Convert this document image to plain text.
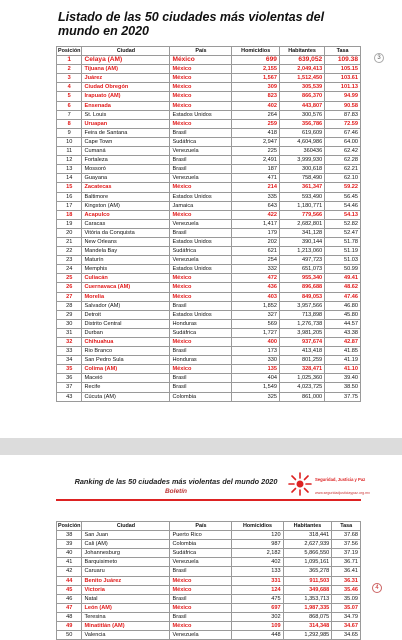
Listado de las 50 ciudades más violentas del mundo en 2020
3
Posición	Ciudad	País	Homicidios	Habitantes	Tasa
1	Celaya (AM)	México	699	639,052	109.38
2	Tijuana (AM)	México	2,155	2,049,413	105.15
3	Juárez	México	1,567	1,512,450	103.61
4	Ciudad Obregón	México	309	305,539	101.13
5	Irapuato (AM)	México	823	866,370	94.99
6	Ensenada	México	402	443,807	90.58
7	St. Louis	Estados Unidos	264	300,576	87.83
8	Uruapan	México	259	356,786	72.59
9	Feira de Santana	Brasil	418	619,609	67.46
10	Cape Town	Sudáfrica	2,947	4,604,986	64.00
11	Cumaná	Venezuela	225	360436	62.42
12	Fortaleza	Brasil	2,491	3,999,930	62.28
13	Mossoró	Brasil	187	300,618	62.21
14	Guayana	Venezuela	471	758,490	62.10
15	Zacatecas	México	214	361,347	59.22
16	Baltimore	Estados Unidos	335	593,490	56.45
17	Kingston (AM)	Jamaica	643	1,180,771	54.46
18	Acapulco	México	422	779,566	54.13
19	Caracas	Venezuela	1,417	2,682,801	52.82
20	Vitória da Conquista	Brasil	179	341,128	52.47
21	New Orleans	Estados Unidos	202	390,144	51.78
22	Mandela Bay	Sudáfrica	621	1,213,060	51.19
23	Maturín	Venezuela	254	497,723	51.03
24	Memphis	Estados Unidos	332	651,073	50.99
25	Culiacán	México	472	955,340	49.41
26	Cuernavaca (AM)	México	436	896,688	48.62
27	Morelia	México	403	849,053	47.46
28	Salvador (AM)	Brasil	1,852	3,957,566	46.80
29	Detroit	Estados Unidos	327	713,898	45.80
30	Distrito Central	Honduras	569	1,276,738	44.57
31	Durban	Sudáfrica	1,727	3,981,205	43.38
32	Chihuahua	México	400	937,674	42.87
33	Rio Branco	Brasil	173	413,418	41.85
34	San Pedro Sula	Honduras	330	801,259	41.19
35	Colima (AM)	México	135	328,471	41.10
36	Maceió	Brasil	404	1,025,360	39.40
37	Recife	Brasil	1,549	4,023,725	38.50
43	Cúcuta (AM)	Colombia	325	861,000	37.75
Ranking de las 50 ciudades más violentas del mundo 2020
Boletín
Seguridad, Justicia y Paz
www.seguridadjusticiaypaz.org.mx
4
Posición	Ciudad	País	Homicidios	Habitantes	Tasa
38	San Juan	Puerto Rico	120	318,441	37.68
39	Cali (AM)	Colombia	987	2,627,939	37.56
40	Johannesburg	Sudáfrica	2,182	5,866,550	37.19
41	Barquisimeto	Venezuela	402	1,095,161	36.71
42	Caruaru	Brasil	133	365,278	36.41
44	Benito Juárez	México	331	911,503	36.31
45	Victoria	México	124	349,688	35.46
46	Natal	Brasil	475	1,353,713	35.09
47	León (AM)	México	697	1,987,335	35.07
48	Teresina	Brasil	302	868,075	34.79
49	Minatitlán (AM)	México	109	314,348	34.67
50	Valencia	Venezuela	448	1,292,985	34.65
